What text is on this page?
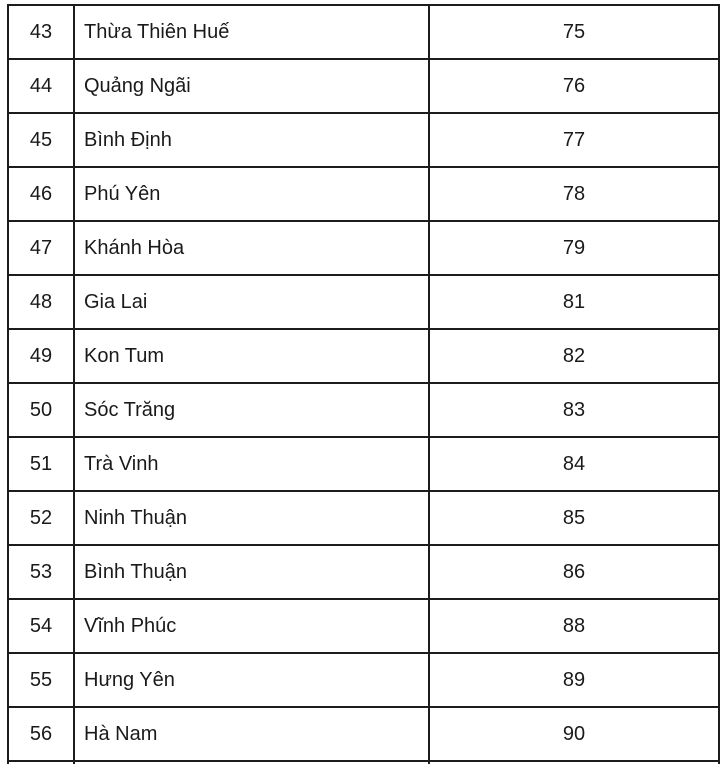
43	Thừa Thiên Huế	75
44	Quảng Ngãi	76
45	Bình Định	77
46	Phú Yên	78
47	Khánh Hòa	79
48	Gia Lai	81
49	Kon Tum	82
50	Sóc Trăng	83
51	Trà Vinh	84
52	Ninh Thuận	85
53	Bình Thuận	86
54	Vĩnh Phúc	88
55	Hưng Yên	89
56	Hà Nam	90
